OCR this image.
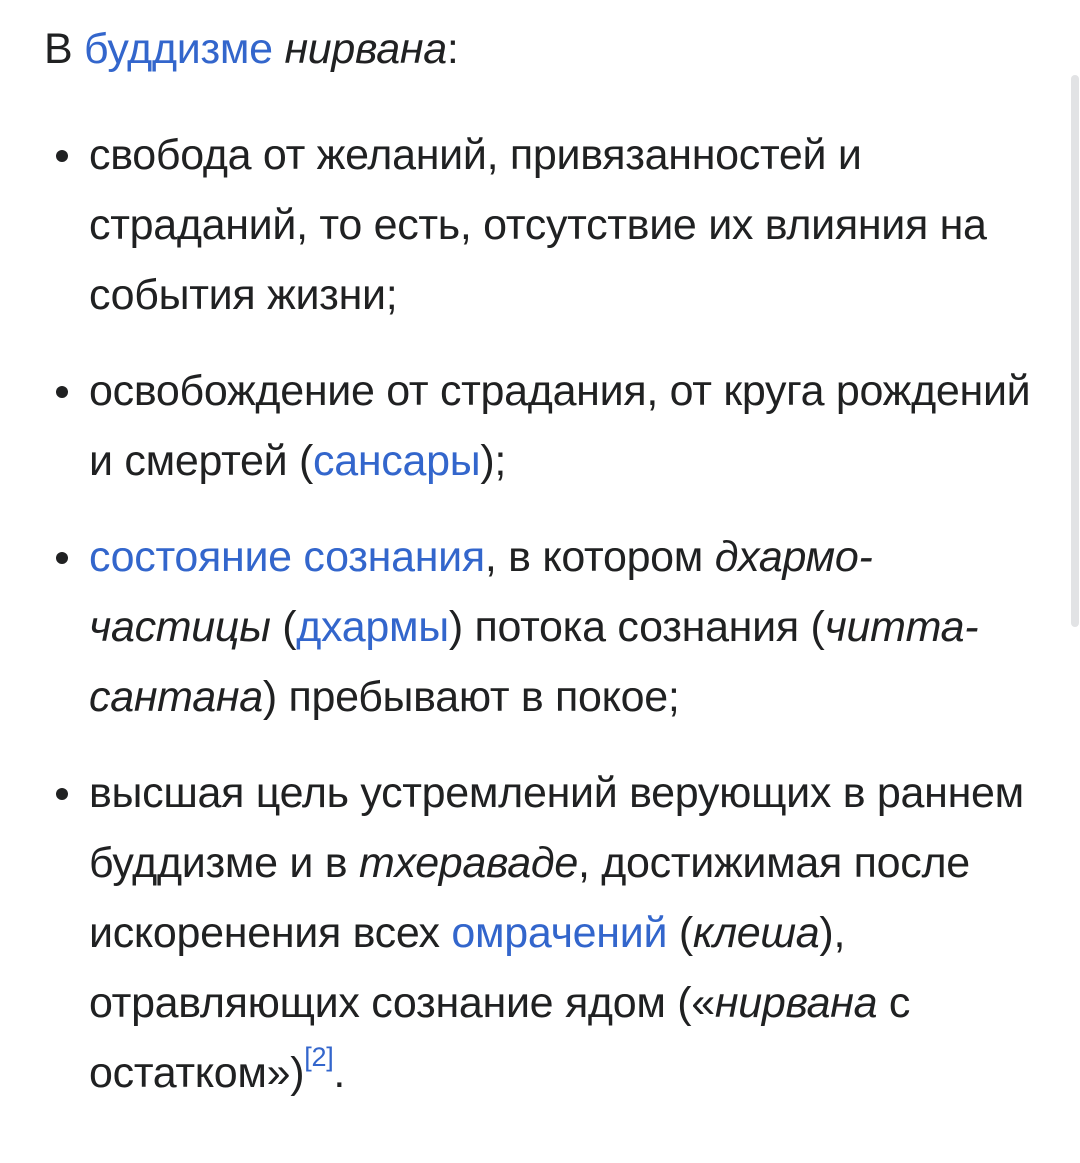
В буддизме нирвана:

свобода от желаний, привязанностей и страданий, то есть, отсутствие их влияния на события жизни;
освобождение от страдания, от круга рождений и смертей (сансары);
состояние сознания, в котором дхармо-частицы (дхармы) потока сознания (читта-сантана) пребывают в покое;
высшая цель устремлений верующих в раннем буддизме и в тхераваде, достижимая после искоренения всех омрачений (клеша), отравляющих сознание ядом («нирвана с остатком»)[2].
